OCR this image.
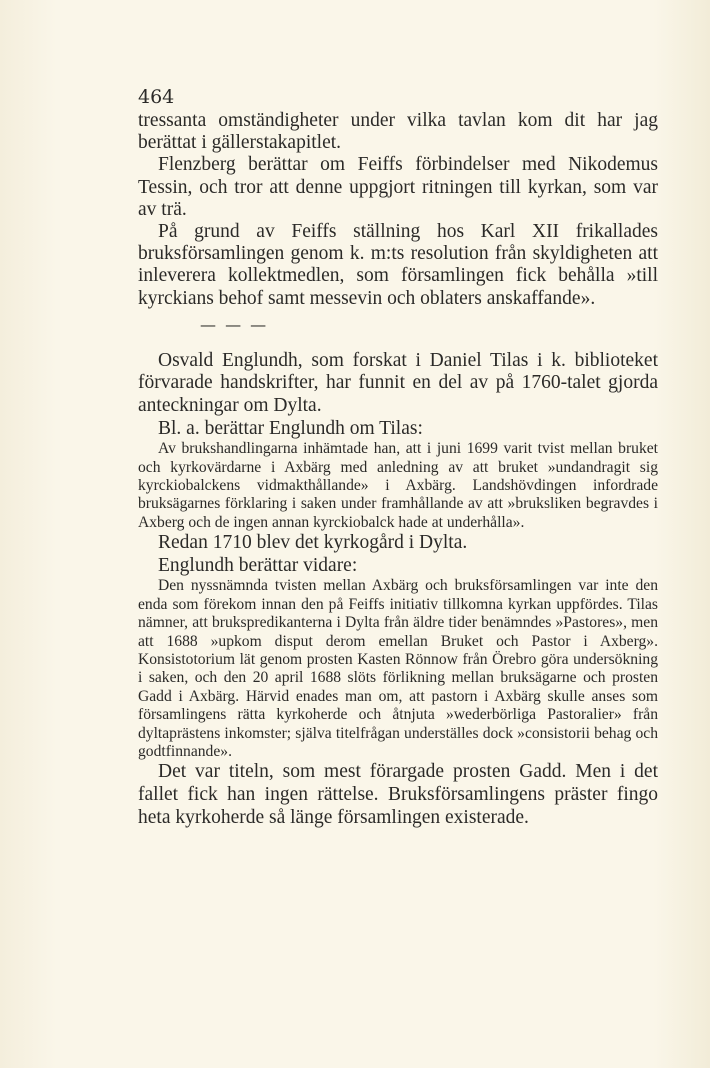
464

tressanta omständigheter under vilka tavlan kom dit har jag berättat i gällerstakapitlet.

Flenzberg berättar om Feiffs förbindelser med Nikodemus Tessin, och tror att denne uppgjort ritningen till kyrkan, som var av trä.

På grund av Feiffs ställning hos Karl XII frikallades bruksförsamlingen genom k. m:ts resolution från skyldigheten att inleverera kollektmedlen, som församlingen fick behålla »till kyrckians behof samt messevin och oblaters anskaffande».

— — —

Osvald Englundh, som forskat i Daniel Tilas i k. biblioteket förvarade handskrifter, har funnit en del av på 1760-talet gjorda anteckningar om Dylta.

Bl. a. berättar Englundh om Tilas:

Av brukshandlingarna inhämtade han, att i juni 1699 varit tvist mellan bruket och kyrkovärdarne i Axbärg med anledning av att bruket »undandragit sig kyrckiobalckens vidmakthållande» i Axbärg. Landshövdingen infordrade bruksägarnes förklaring i saken under framhållande av att »bruksliken begravdes i Axberg och de ingen annan kyrckiobalck hade at underhålla».

Redan 1710 blev det kyrkogård i Dylta.

Englundh berättar vidare:

Den nyssnämnda tvisten mellan Axbärg och bruksförsamlingen var inte den enda som förekom innan den på Feiffs initiativ tillkomna kyrkan uppfördes. Tilas nämner, att brukspredikanterna i Dylta från äldre tider benämndes »Pastores», men att 1688 »upkom disput derom emellan Bruket och Pastor i Axberg». Konsistotorium lät genom prosten Kasten Rönnow från Örebro göra undersökning i saken, och den 20 april 1688 slöts förlikning mellan bruksägarne och prosten Gadd i Axbärg. Härvid enades man om, att pastorn i Axbärg skulle anses som församlingens rätta kyrkoherde och åtnjuta »wederbörliga Pastoralier» från dyltaprästens inkomster; själva titelfrågan underställes dock »consistorii behag och godtfinnande».

Det var titeln, som mest förargade prosten Gadd. Men i det fallet fick han ingen rättelse. Bruksförsamlingens präster fingo heta kyrkoherde så länge församlingen existerade.
